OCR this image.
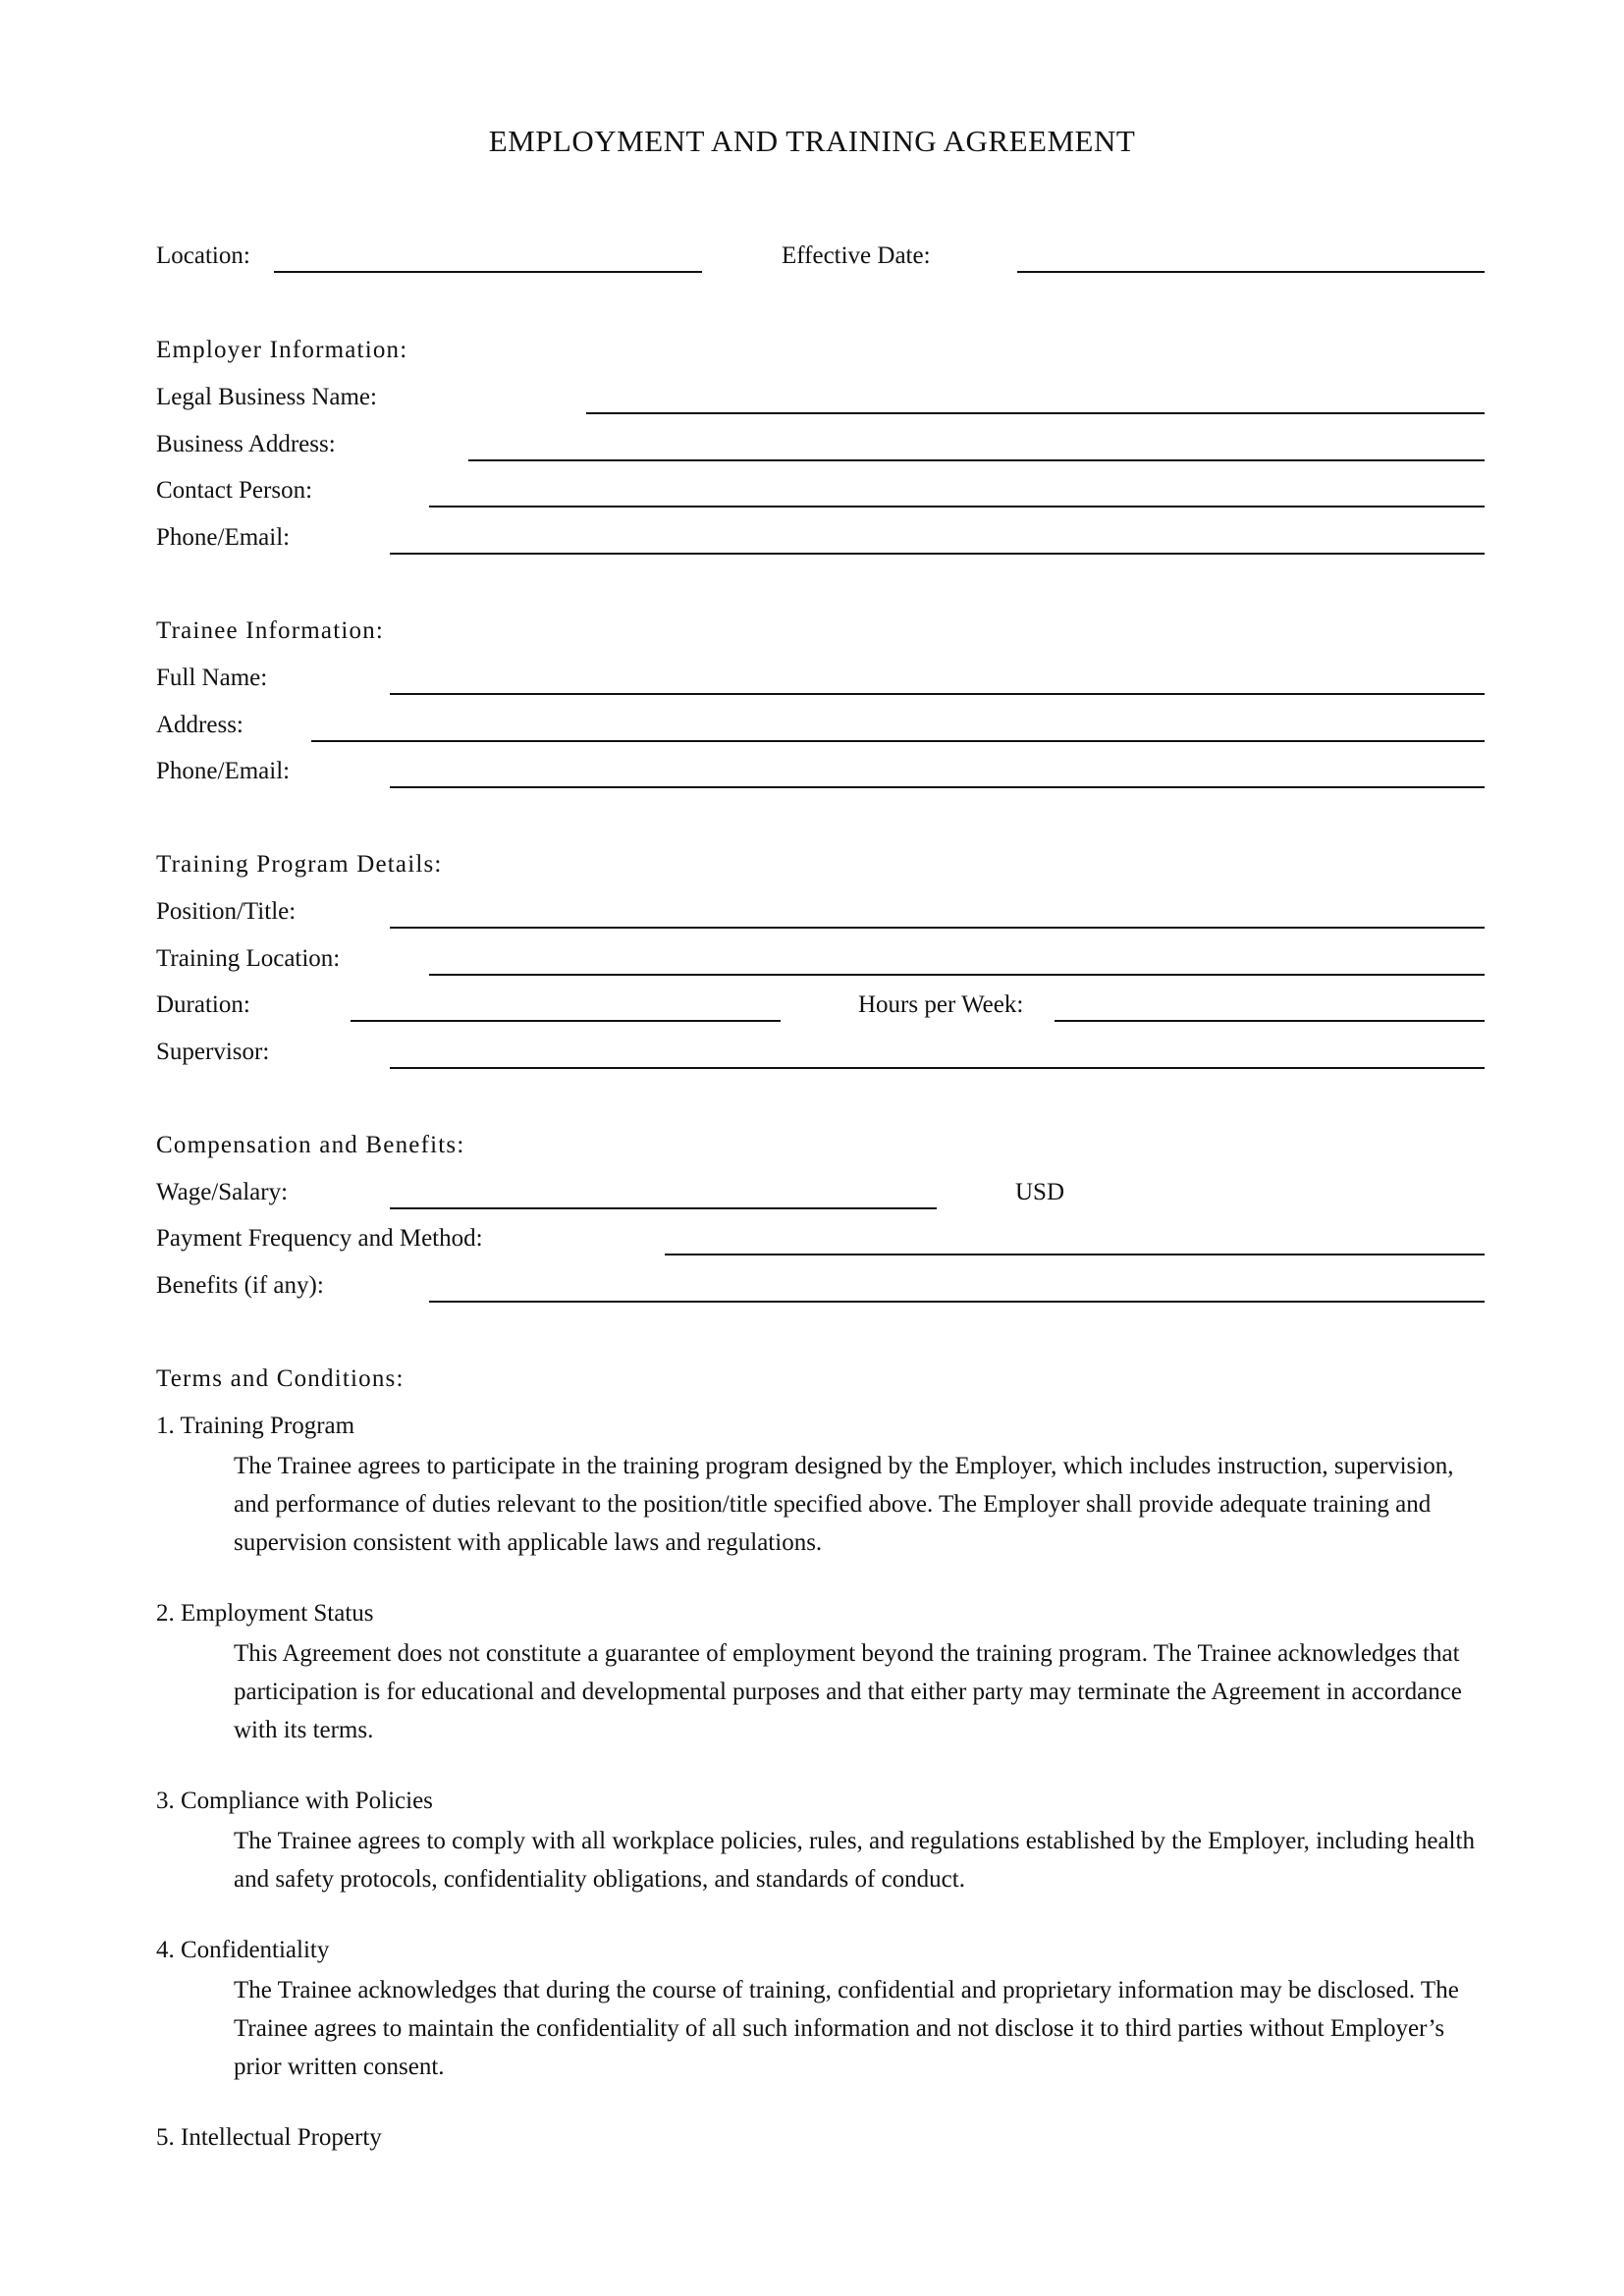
EMPLOYMENT AND TRAINING AGREEMENT
Location:	Effective Date:
Employer Information:
Legal Business Name:
Business Address:
Contact Person:
Phone/Email:
Trainee Information:
Full Name:
Address:
Phone/Email:
Training Program Details:
Position/Title:
Training Location:
Duration:	Hours per Week:
Supervisor:
Compensation and Benefits:
Wage/Salary:	USD
Payment Frequency and Method:
Benefits (if any):
Terms and Conditions:
1. Training Program
The Trainee agrees to participate in the training program designed by the Employer, which includes instruction, supervision, and performance of duties relevant to the position/title specified above. The Employer shall provide adequate training and supervision consistent with applicable laws and regulations.
2. Employment Status
This Agreement does not constitute a guarantee of employment beyond the training program. The Trainee acknowledges that participation is for educational and developmental purposes and that either party may terminate the Agreement in accordance with its terms.
3. Compliance with Policies
The Trainee agrees to comply with all workplace policies, rules, and regulations established by the Employer, including health and safety protocols, confidentiality obligations, and standards of conduct.
4. Confidentiality
The Trainee acknowledges that during the course of training, confidential and proprietary information may be disclosed. The Trainee agrees to maintain the confidentiality of all such information and not disclose it to third parties without Employer’s prior written consent.
5. Intellectual Property
